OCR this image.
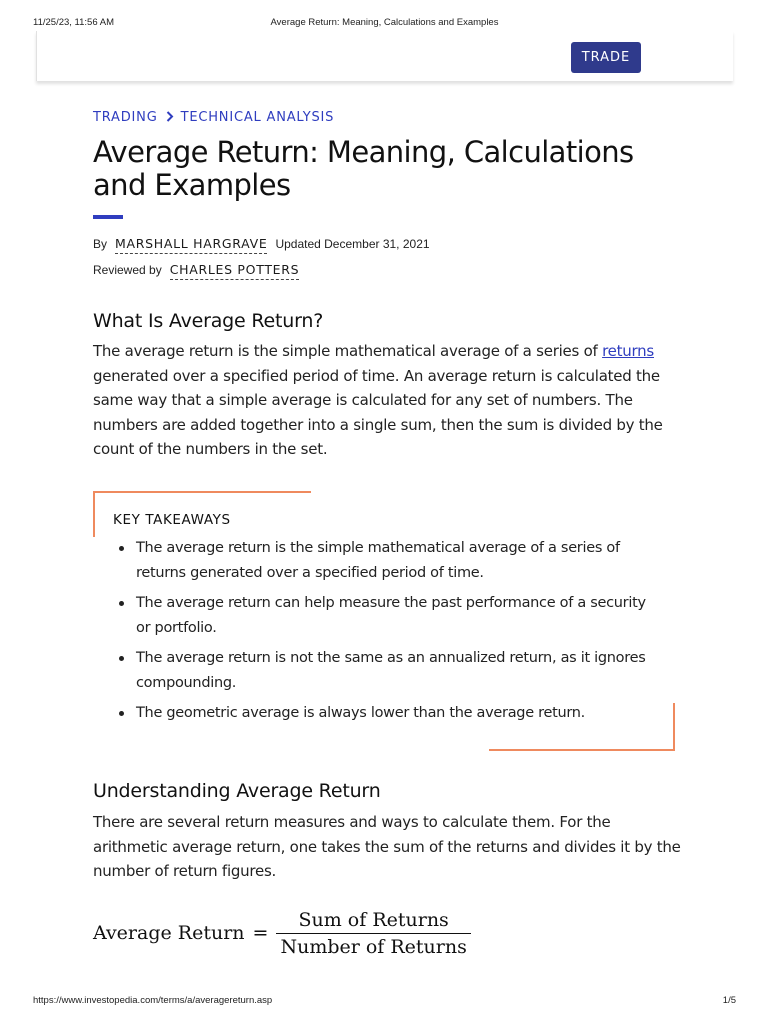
11/25/23, 11:56 AM	Average Return: Meaning, Calculations and Examples
TRADE
TRADING TECHNICAL ANALYSIS
Average Return: Meaning, Calculations and Examples
By MARSHALL HARGRAVE Updated December 31, 2021
Reviewed by CHARLES POTTERS
What Is Average Return?

The average return is the simple mathematical average of a series of returns generated over a specified period of time. An average return is calculated the same way that a simple average is calculated for any set of numbers. The numbers are added together into a single sum, then the sum is divided by the count of the numbers in the set.

KEY TAKEAWAYS
The average return is the simple mathematical average of a series of returns generated over a specified period of time.
The average return can help measure the past performance of a security or portfolio.
The average return is not the same as an annualized return, as it ignores compounding.
The geometric average is always lower than the average return.
Understanding Average Return

There are several return measures and ways to calculate them. For the arithmetic average return, one takes the sum of the returns and divides it by the number of return figures.

Average Return = $\frac{\text{Sum of Returns}}{\text{Number of Returns}}$
https://www.investopedia.com/terms/a/averagereturn.asp	1/5
